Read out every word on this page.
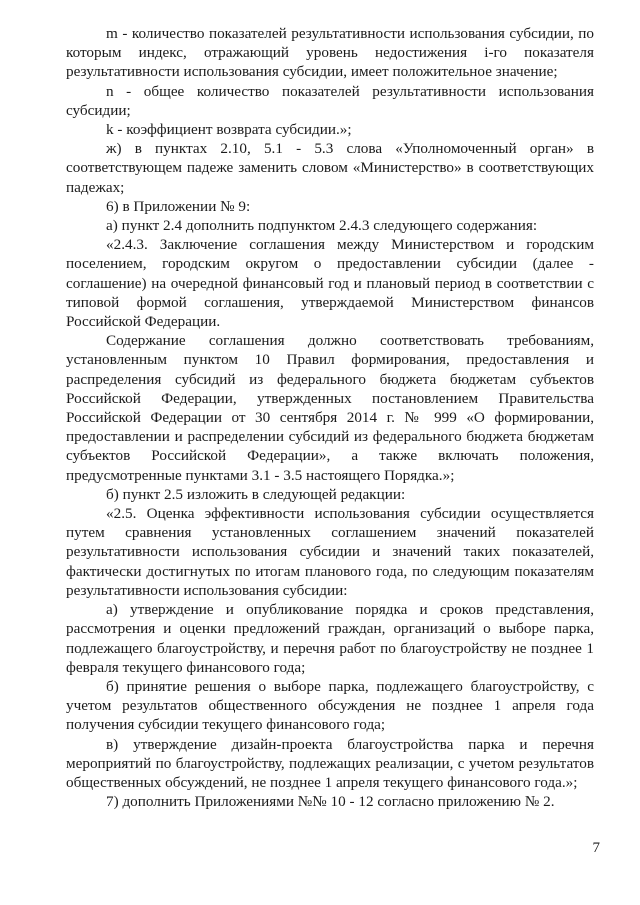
m - количество показателей результативности использования субсидии, по которым индекс, отражающий уровень недостижения i-го показателя результативности использования субсидии, имеет положительное значение;

n - общее количество показателей результативности использования субсидии;

k - коэффициент возврата субсидии.»;

ж) в пунктах 2.10, 5.1 - 5.3 слова «Уполномоченный орган» в соответствующем падеже заменить словом «Министерство» в соответствующих падежах;

6) в Приложении № 9:

а) пункт 2.4 дополнить подпунктом 2.4.3 следующего содержания:

«2.4.3. Заключение соглашения между Министерством и городским поселением, городским округом о предоставлении субсидии (далее - соглашение) на очередной финансовый год и плановый период в соответствии с типовой формой соглашения, утверждаемой Министерством финансов Российской Федерации.

Содержание соглашения должно соответствовать требованиям, установленным пунктом 10 Правил формирования, предоставления и распределения субсидий из федерального бюджета бюджетам субъектов Российской Федерации, утвержденных постановлением Правительства Российской Федерации от 30 сентября 2014 г. № 999 «О формировании, предоставлении и распределении субсидий из федерального бюджета бюджетам субъектов Российской Федерации», а также включать положения, предусмотренные пунктами 3.1 - 3.5 настоящего Порядка.»;

б) пункт 2.5 изложить в следующей редакции:

«2.5. Оценка эффективности использования субсидии осуществляется путем сравнения установленных соглашением значений показателей результативности использования субсидии и значений таких показателей, фактически достигнутых по итогам планового года, по следующим показателям результативности использования субсидии:

а) утверждение и опубликование порядка и сроков представления, рассмотрения и оценки предложений граждан, организаций о выборе парка, подлежащего благоустройству, и перечня работ по благоустройству не позднее 1 февраля текущего финансового года;

б) принятие решения о выборе парка, подлежащего благоустройству, с учетом результатов общественного обсуждения не позднее 1 апреля года получения субсидии текущего финансового года;

в) утверждение дизайн-проекта благоустройства парка и перечня мероприятий по благоустройству, подлежащих реализации, с учетом результатов общественных обсуждений, не позднее 1 апреля текущего финансового года.»;

7) дополнить Приложениями №№ 10 - 12 согласно приложению № 2.

7
